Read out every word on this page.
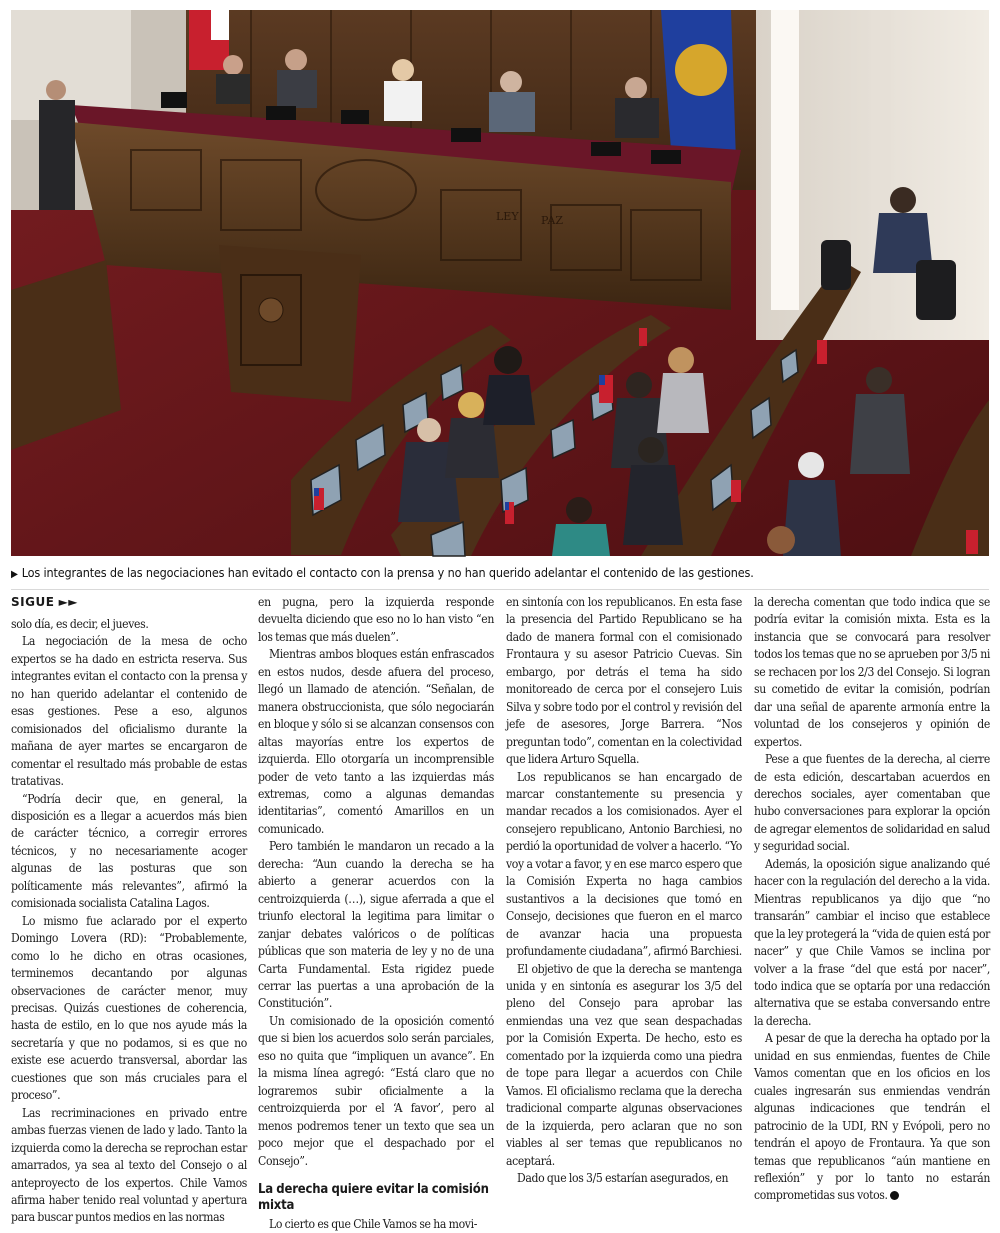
LEY PAZ
▶ Los integrantes de las negociaciones han evitado el contacto con la prensa y no han querido adelantar el contenido de las gestiones.
SIGUE ►►

solo día, es decir, el jueves.

La negociación de la mesa de ocho expertos se ha dado en estricta reserva. Sus integrantes evitan el contacto con la prensa y no han querido adelantar el contenido de esas gestiones. Pese a eso, algunos comisionados del oficialismo durante la mañana de ayer martes se encargaron de comentar el resultado más probable de estas tratativas.

“Podría decir que, en general, la disposición es a llegar a acuerdos más bien de carácter técnico, a corregir errores técnicos, y no necesariamente acoger algunas de las posturas que son políticamente más relevantes”, afirmó la comisionada socialista Catalina Lagos.

Lo mismo fue aclarado por el experto Domingo Lovera (RD): “Probablemente, como lo he dicho en otras ocasiones, terminemos decantando por algunas observaciones de carácter menor, muy precisas. Quizás cuestiones de coherencia, hasta de estilo, en lo que nos ayude más la secretaría y que no podamos, si es que no existe ese acuerdo transversal, abordar las cuestiones que son más cruciales para el proceso”.

Las recriminaciones en privado entre ambas fuerzas vienen de lado y lado. Tanto la izquierda como la derecha se reprochan estar amarrados, ya sea al texto del Consejo o al anteproyecto de los expertos. Chile Vamos afirma haber tenido real voluntad y apertura para buscar puntos medios en las normas

en pugna, pero la izquierda responde devuelta diciendo que eso no lo han visto “en los temas que más duelen”.

Mientras ambos bloques están enfrascados en estos nudos, desde afuera del proceso, llegó un llamado de atención. “Señalan, de manera obstruccionista, que sólo negociarán en bloque y sólo si se alcanzan consensos con altas mayorías entre los expertos de izquierda. Ello otorgaría un incomprensible poder de veto tanto a las izquierdas más extremas, como a algunas demandas identitarias”, comentó Amarillos en un comunicado.

Pero también le mandaron un recado a la derecha: “Aun cuando la derecha se ha abierto a generar acuerdos con la centroizquierda (…), sigue aferrada a que el triunfo electoral la legitima para limitar o zanjar debates valóricos o de políticas públicas que son materia de ley y no de una Carta Fundamental. Esta rigidez puede cerrar las puertas a una aprobación de la Constitución”.

Un comisionado de la oposición comentó que si bien los acuerdos solo serán parciales, eso no quita que “impliquen un avance”. En la misma línea agregó: “Está claro que no lograremos subir oficialmente a la centroizquierda por el ‘A favor’, pero al menos podremos tener un texto que sea un poco mejor que el despachado por el Consejo”.

La derecha quiere evitar la comisión mixta

Lo cierto es que Chile Vamos se ha movi-

en sintonía con los republicanos. En esta fase la presencia del Partido Republicano se ha dado de manera formal con el comisionado Frontaura y su asesor Patricio Cuevas. Sin embargo, por detrás el tema ha sido monitoreado de cerca por el consejero Luis Silva y sobre todo por el control y revisión del jefe de asesores, Jorge Barrera. “Nos preguntan todo”, comentan en la colectividad que lidera Arturo Squella.

Los republicanos se han encargado de marcar constantemente su presencia y mandar recados a los comisionados. Ayer el consejero republicano, Antonio Barchiesi, no perdió la oportunidad de volver a hacerlo. “Yo voy a votar a favor, y en ese marco espero que la Comisión Experta no haga cambios sustantivos a la decisiones que tomó en Consejo, decisiones que fueron en el marco de avanzar hacia una propuesta profundamente ciudadana”, afirmó Barchiesi.

El objetivo de que la derecha se mantenga unida y en sintonía es asegurar los 3/5 del pleno del Consejo para aprobar las enmiendas una vez que sean despachadas por la Comisión Experta. De hecho, esto es comentado por la izquierda como una piedra de tope para llegar a acuerdos con Chile Vamos. El oficialismo reclama que la derecha tradicional comparte algunas observaciones de la izquierda, pero aclaran que no son viables al ser temas que republicanos no aceptará.

Dado que los 3/5 estarían asegurados, en

la derecha comentan que todo indica que se podría evitar la comisión mixta. Esta es la instancia que se convocará para resolver todos los temas que no se aprueben por 3/5 ni se rechacen por los 2/3 del Consejo. Si logran su cometido de evitar la comisión, podrían dar una señal de aparente armonía entre la voluntad de los consejeros y opinión de expertos.

Pese a que fuentes de la derecha, al cierre de esta edición, descartaban acuerdos en derechos sociales, ayer comentaban que hubo conversaciones para explorar la opción de agregar elementos de solidaridad en salud y seguridad social.

Además, la oposición sigue analizando qué hacer con la regulación del derecho a la vida. Mientras republicanos ya dijo que “no transarán” cambiar el inciso que establece que la ley protegerá la “vida de quien está por nacer” y que Chile Vamos se inclina por volver a la frase “del que está por nacer”, todo indica que se optaría por una redacción alternativa que se estaba conversando entre la derecha.

A pesar de que la derecha ha optado por la unidad en sus enmiendas, fuentes de Chile Vamos comentan que en los oficios en los cuales ingresarán sus enmiendas vendrán algunas indicaciones que tendrán el patrocinio de la UDI, RN y Evópoli, pero no tendrán el apoyo de Frontaura. Ya que son temas que republicanos “aún mantiene en reflexión” y por lo tanto no estarán comprometidas sus votos.
